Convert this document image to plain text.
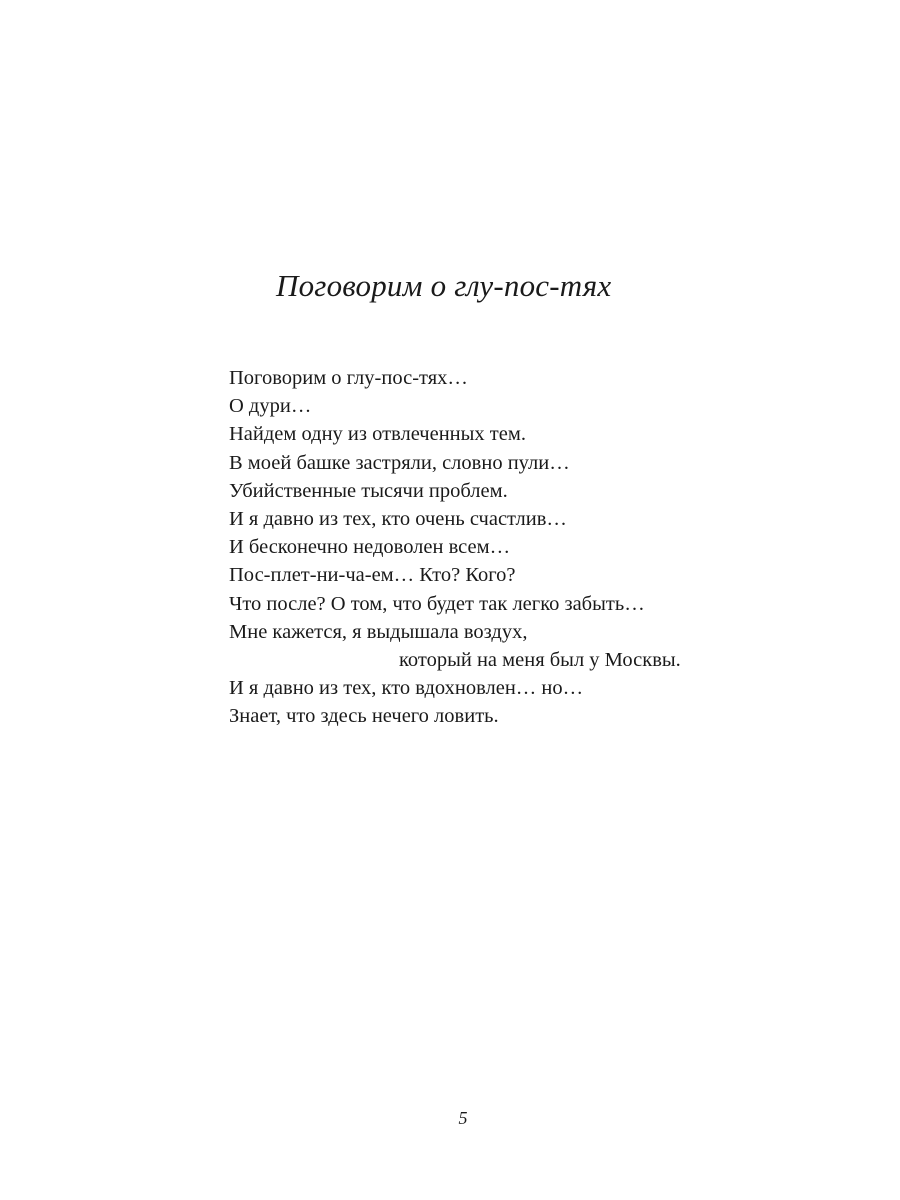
Поговорим о глу-пос-тях
Поговорим о глу-пос-тях…
О дури…
Найдем одну из отвлеченных тем.
В моей башке застряли, словно пули…
Убийственные тысячи проблем.
И я давно из тех, кто очень счастлив…
И бесконечно недоволен всем…
Пос-плет-ни-ча-ем… Кто? Кого?
Что после? О том, что будет так легко забыть…
Мне кажется, я выдышала воздух,
который на меня был у Москвы.
И я давно из тех, кто вдохновлен… но…
Знает, что здесь нечего ловить.
5
